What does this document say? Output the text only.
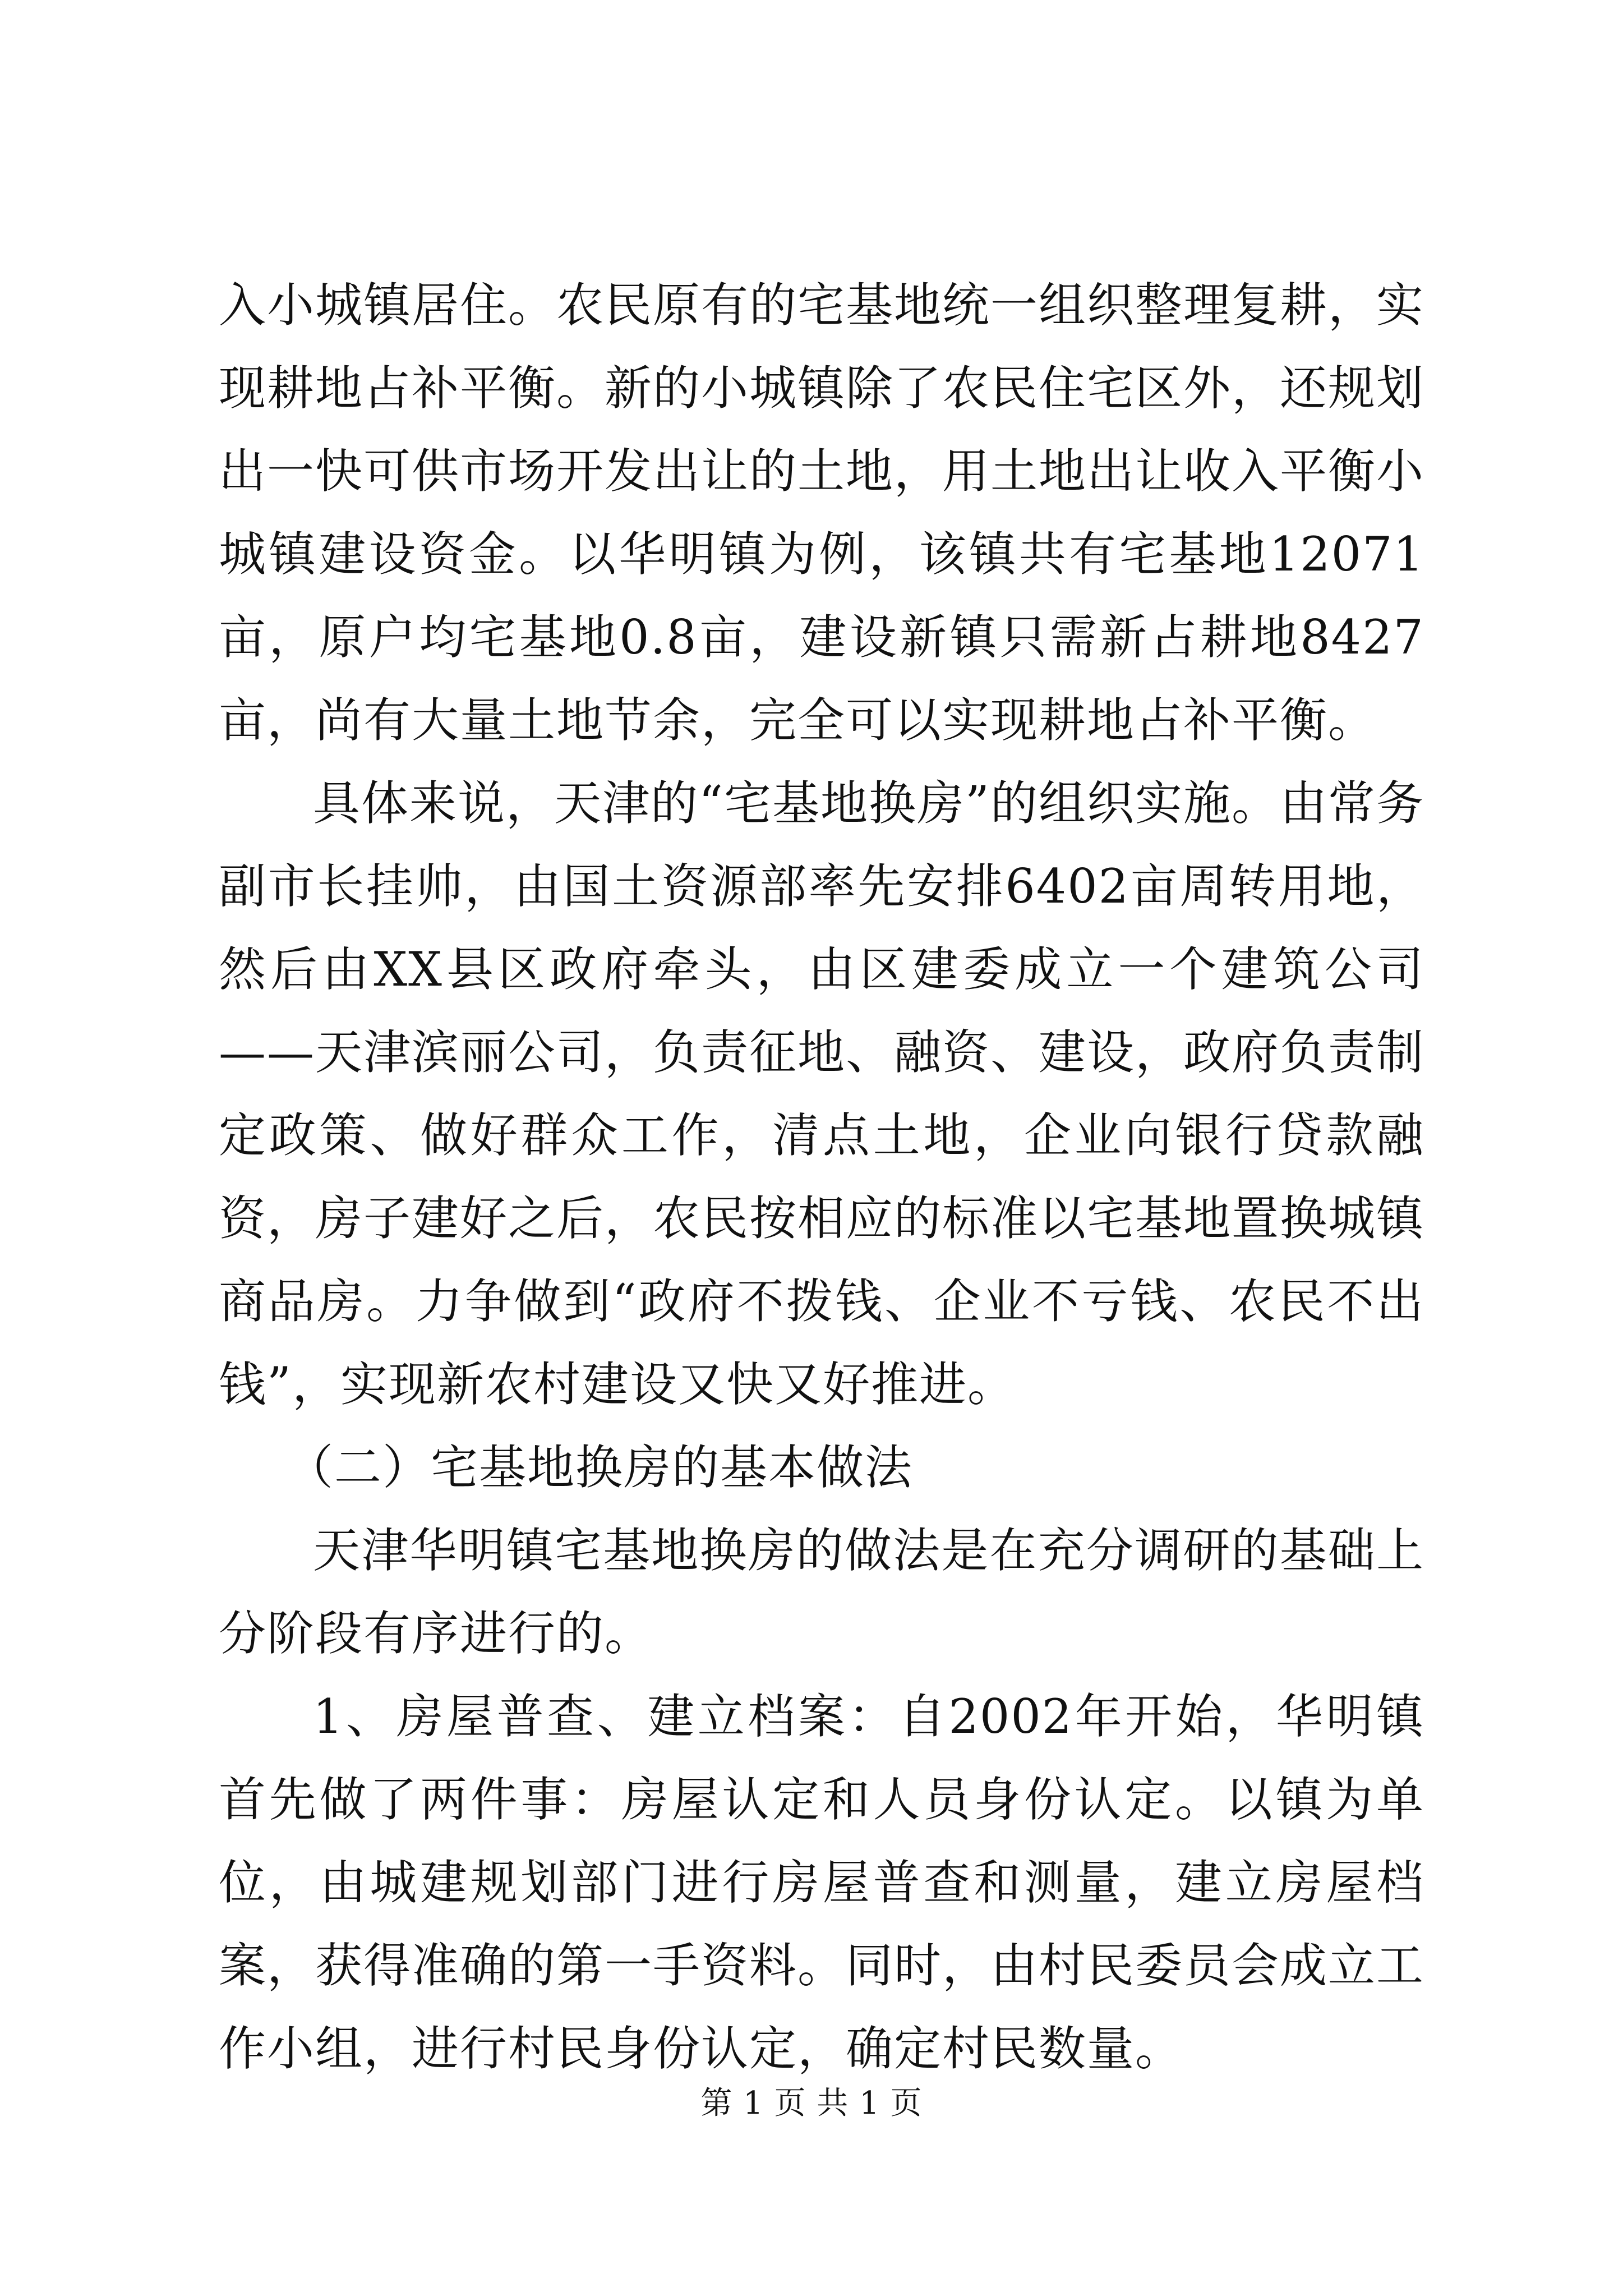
入小城镇居住。农民原有的宅基地统一组织整理复耕，实现耕地占补平衡。新的小城镇除了农民住宅区外，还规划出一快可供市场开发出让的土地，用土地出让收入平衡小城镇建设资金。以华明镇为例，该镇共有宅基地12071亩，原户均宅基地0.8亩，建设新镇只需新占耕地8427亩，尚有大量土地节余，完全可以实现耕地占补平衡。

具体来说，天津的“宅基地换房”的组织实施。由常务副市长挂帅，由国土资源部率先安排6402亩周转用地，然后由XX县区政府牵头，由区建委成立一个建筑公司——天津滨丽公司，负责征地、融资、建设，政府负责制定政策、做好群众工作，清点土地，企业向银行贷款融资，房子建好之后，农民按相应的标准以宅基地置换城镇商品房。力争做到“政府不拨钱、企业不亏钱、农民不出钱”，实现新农村建设又快又好推进。

（二）宅基地换房的基本做法

天津华明镇宅基地换房的做法是在充分调研的基础上分阶段有序进行的。

1、房屋普查、建立档案：自2002年开始，华明镇首先做了两件事：房屋认定和人员身份认定。以镇为单位，由城建规划部门进行房屋普查和测量，建立房屋档案，获得准确的第一手资料。同时，由村民委员会成立工作小组，进行村民身份认定，确定村民数量。

第 1 页 共 1 页
